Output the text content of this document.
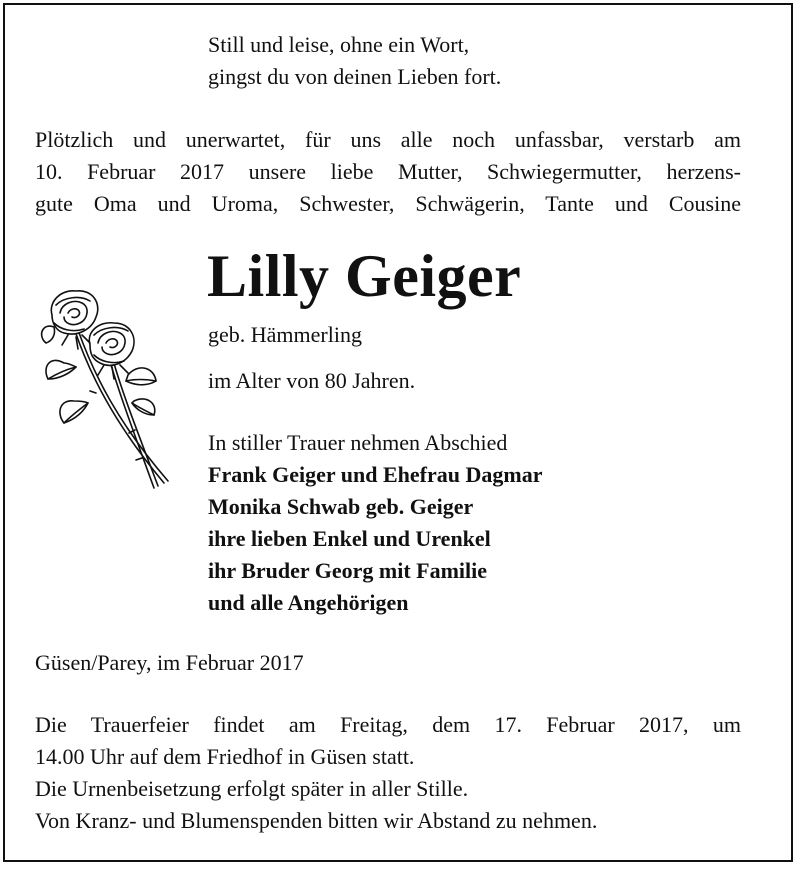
Still und leise, ohne ein Wort,
gingst du von deinen Lieben fort.
Plötzlich und unerwartet, für uns alle noch unfassbar, verstarb am
10. Februar 2017 unsere liebe Mutter, Schwiegermutter, herzens-
gute Oma und Uroma, Schwester, Schwägerin, Tante und Cousine
Lilly Geiger
geb. Hämmerling
im Alter von 80 Jahren.
In stiller Trauer nehmen Abschied
Frank Geiger und Ehefrau Dagmar
Monika Schwab geb. Geiger
ihre lieben Enkel und Urenkel
ihr Bruder Georg mit Familie
und alle Angehörigen
Güsen/Parey, im Februar 2017
Die Trauerfeier findet am Freitag, dem 17. Februar 2017, um
14.00 Uhr auf dem Friedhof in Güsen statt.
Die Urnenbeisetzung erfolgt später in aller Stille.
Von Kranz- und Blumenspenden bitten wir Abstand zu nehmen.
